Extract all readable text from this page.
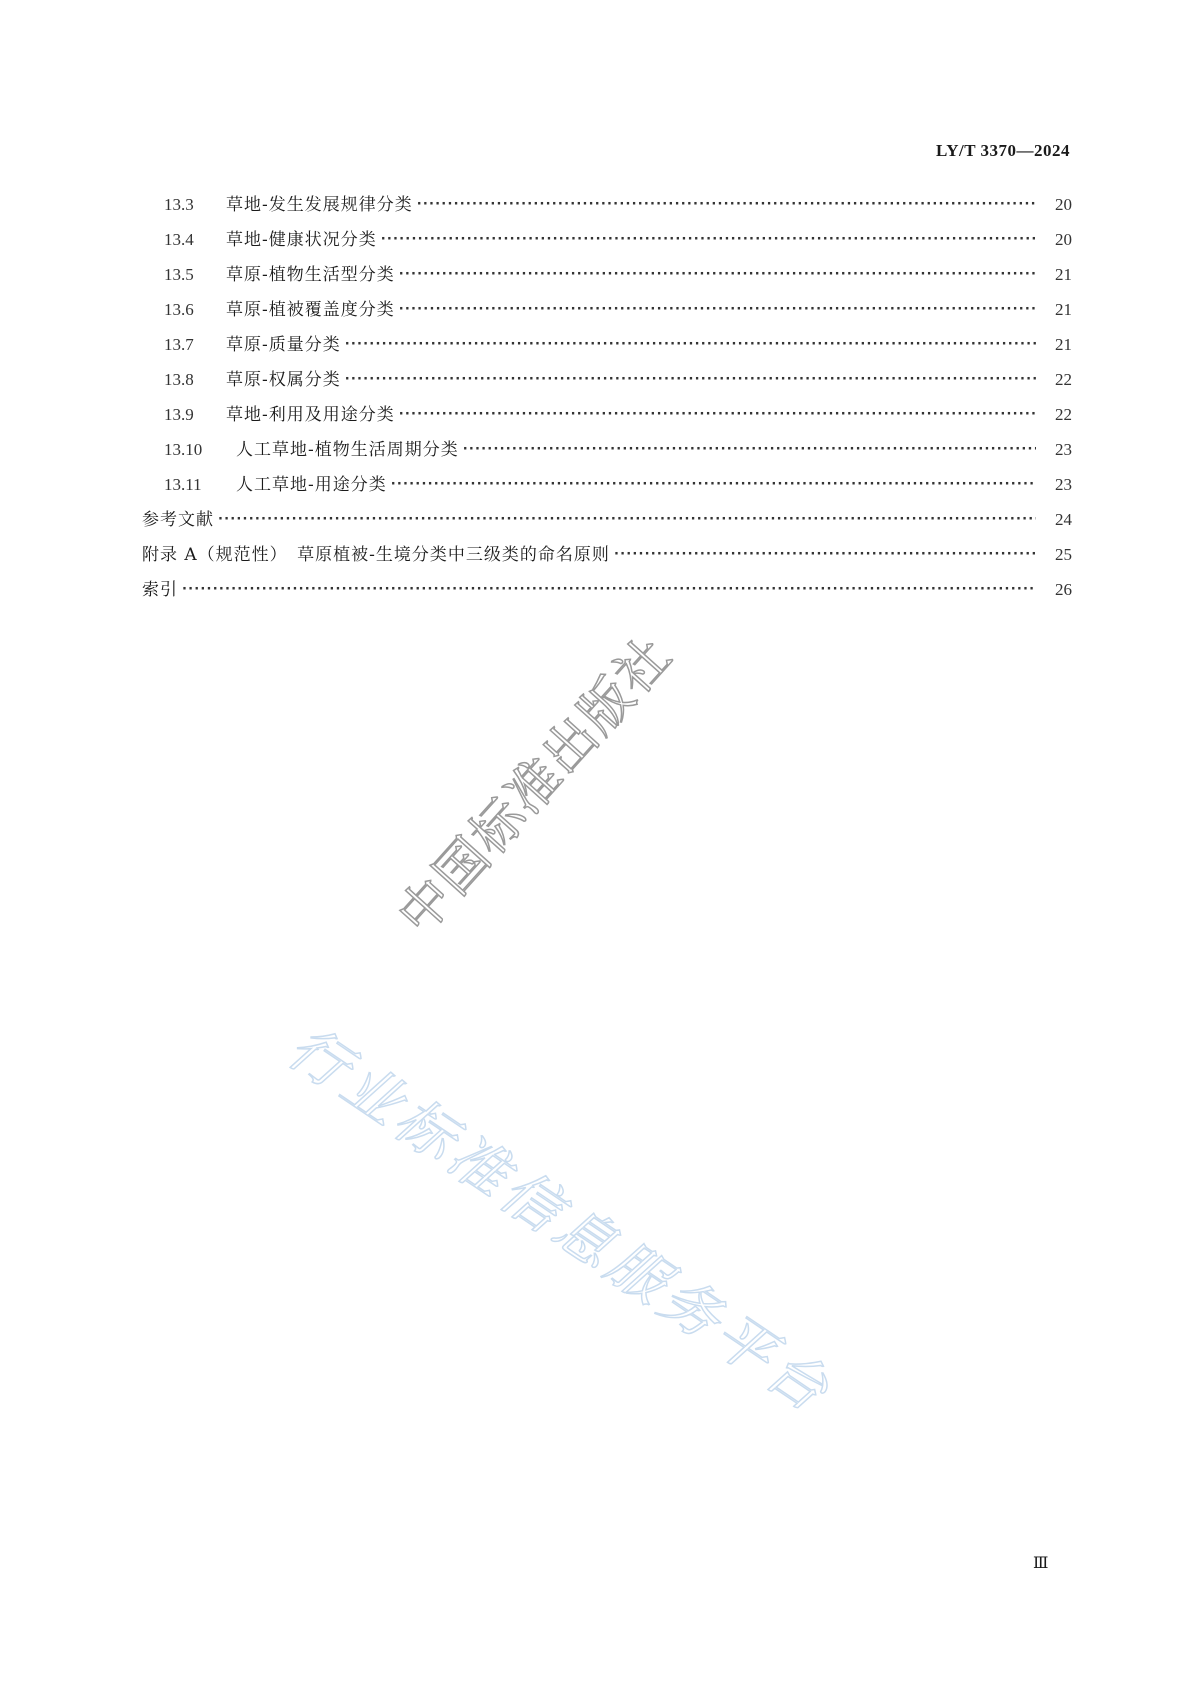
LY/T 3370—2024

13.3	草地-发生发展规律分类 ·····	20
13.4	草地-健康状况分类 ·····	20
13.5	草原-植物生活型分类 ·····	21
13.6	草原-植被覆盖度分类 ·····	21
13.7	草原-质量分类 ·····	21
13.8	草原-权属分类 ·····	22
13.9	草地-利用及用途分类 ·····	22
13.10	人工草地-植物生活周期分类 ·····	23
13.11	人工草地-用途分类 ·····	23
参考文献 ·····	24
附录 A（规范性）　草原植被-生境分类中三级类的命名原则 ·····	25
索引 ·····	26
中国标准出版社
行业标准信息服务平台

Ⅲ
